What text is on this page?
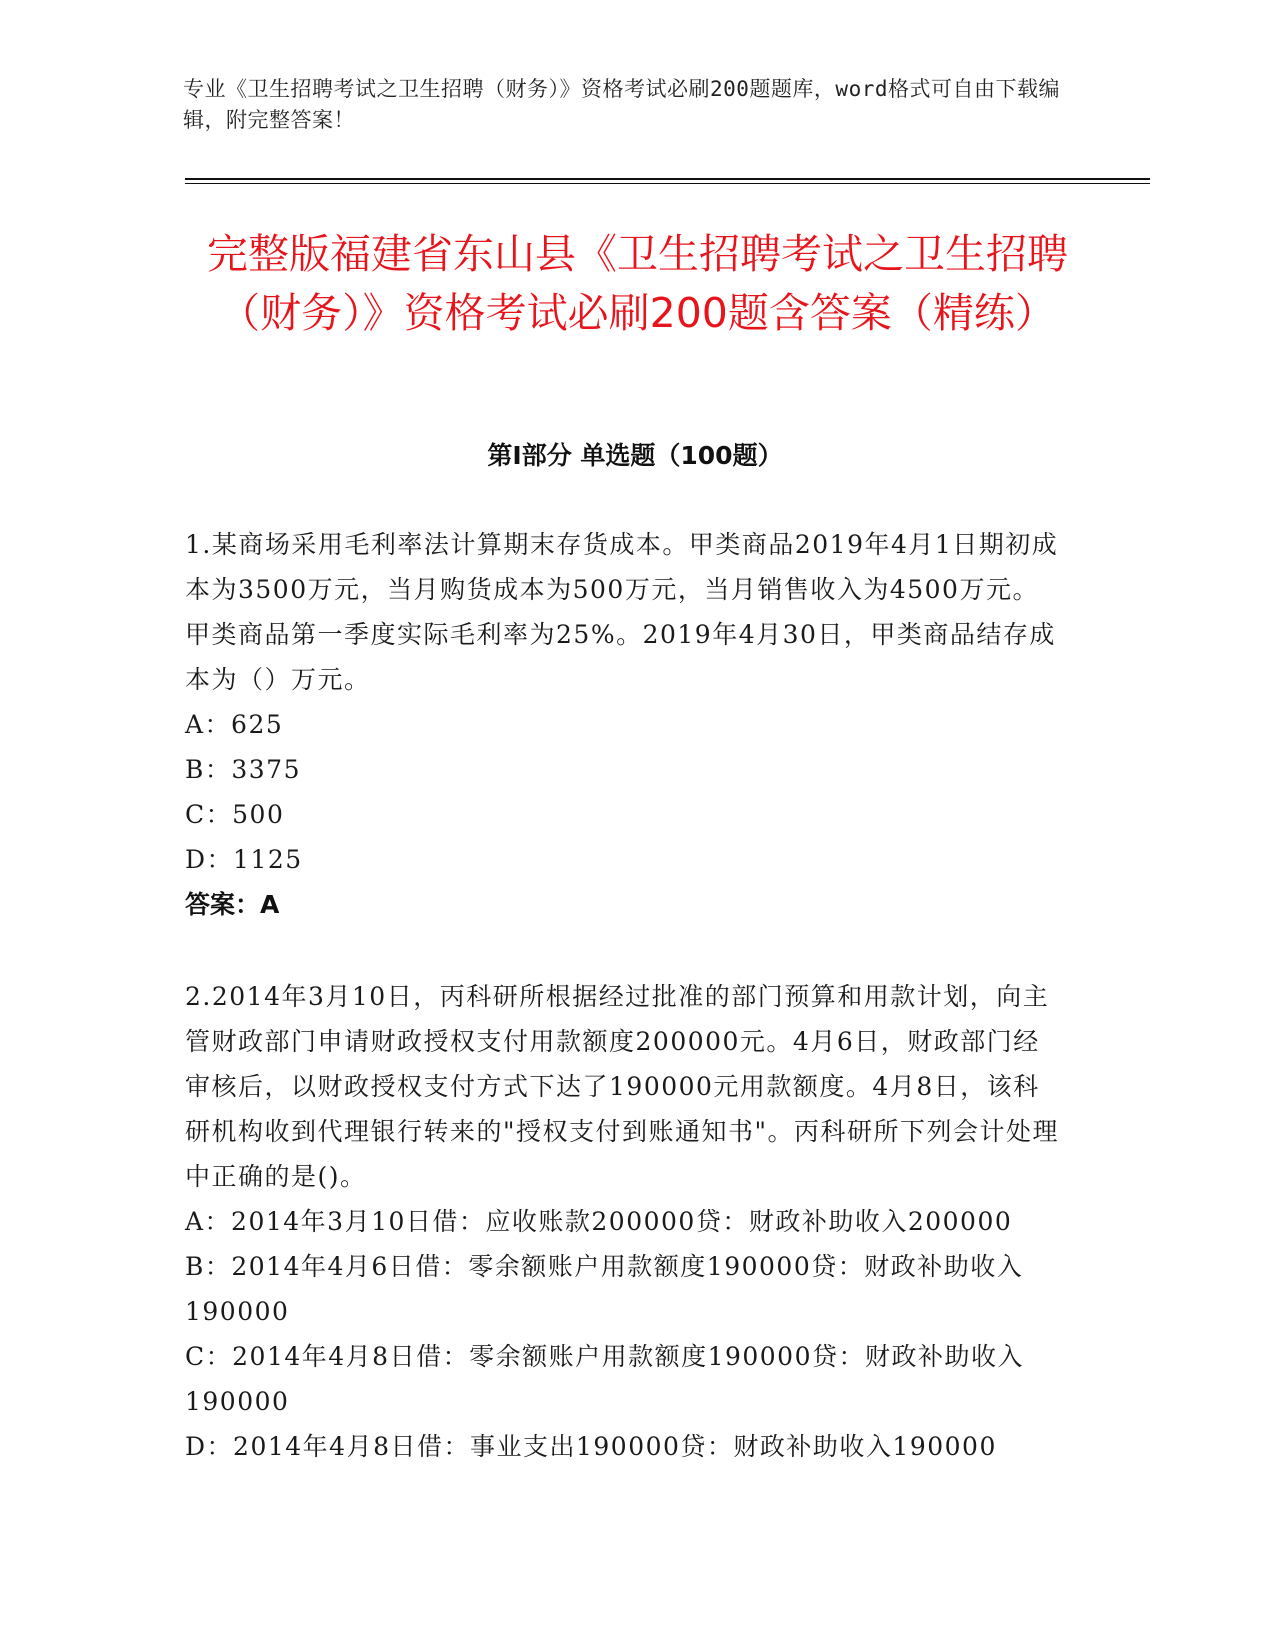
专业《卫生招聘考试之卫生招聘（财务）》资格考试必刷200题题库，word格式可自由下载编辑，附完整答案！
完整版福建省东山县《卫生招聘考试之卫生招聘（财务）》资格考试必刷200题含答案（精练）
第I部分 单选题（100题）
1.某商场采用毛利率法计算期末存货成本。甲类商品2019年4月1日期初成本为3500万元，当月购货成本为500万元，当月销售收入为4500万元。甲类商品第一季度实际毛利率为25%。2019年4月30日，甲类商品结存成本为（）万元。
A：625
B：3375
C：500
D：1125
答案：A
2.2014年3月10日，丙科研所根据经过批准的部门预算和用款计划，向主管财政部门申请财政授权支付用款额度200000元。4月6日，财政部门经审核后，以财政授权支付方式下达了190000元用款额度。4月8日，该科研机构收到代理银行转来的"授权支付到账通知书"。丙科研所下列会计处理中正确的是()。
A：2014年3月10日借：应收账款200000贷：财政补助收入200000
B：2014年4月6日借：零余额账户用款额度190000贷：财政补助收入190000
C：2014年4月8日借：零余额账户用款额度190000贷：财政补助收入190000
D：2014年4月8日借：事业支出190000贷：财政补助收入190000
